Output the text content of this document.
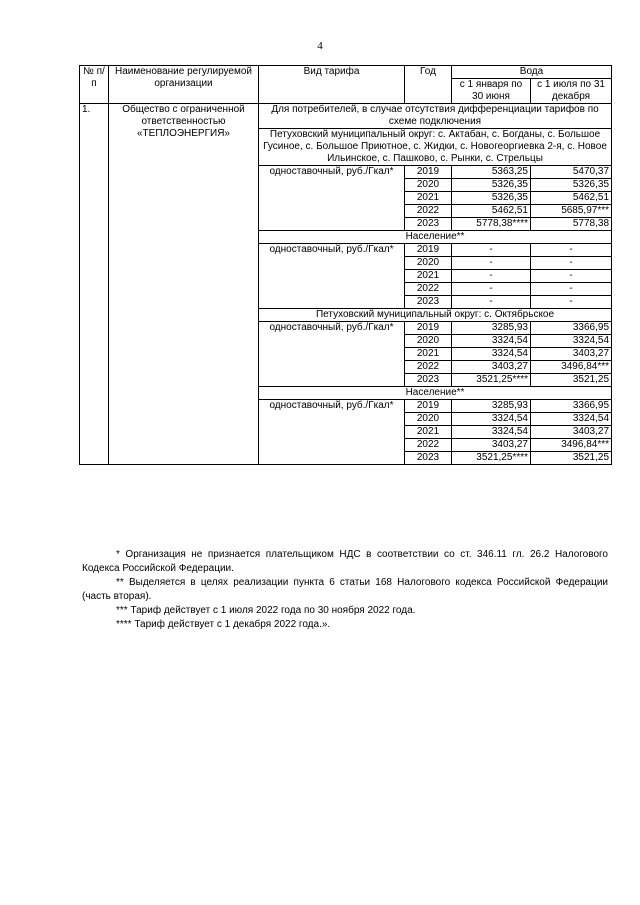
4
№ п/п	Наименование регулируемой организации	Вид тарифа	Год	Вода	
				с 1 января по 30 июня	с 1 июля по 31 декабря
1.	Общество с ограниченной ответственностью «ТЕПЛОЭНЕРГИЯ»	Для потребителей, в случае отсутствия дифференциации тарифов по схеме подключения			
		Петуховский муниципальный округ: с. Актабан, с. Богданы, с. Большое Гусиное, с. Большое Приютное, с. Жидки, с. Новогеоргиевка 2-я, с. Новое Ильинское, с. Пашково, с. Рынки, с. Стрельцы			
		одноставочный, руб./Гкал*	2019	5363,25	5470,37
			2020	5326,35	5326,35
			2021	5326,35	5462,51
			2022	5462,51	5685,97***
			2023	5778,38****	5778,38
		Население**			
		одноставочный, руб./Гкал*	2019	-	-
			2020	-	-
			2021	-	-
			2022	-	-
			2023	-	-
		Петуховский муниципальный округ: с. Октябрьское			
		одноставочный, руб./Гкал*	2019	3285,93	3366,95
			2020	3324,54	3324,54
			2021	3324,54	3403,27
			2022	3403,27	3496,84***
			2023	3521,25****	3521,25
		Население**			
		одноставочный, руб./Гкал*	2019	3285,93	3366,95
			2020	3324,54	3324,54
			2021	3324,54	3403,27
			2022	3403,27	3496,84***
			2023	3521,25****	3521,25

* Организация не признается плательщиком НДС в соответствии со ст. 346.11 гл. 26.2 Налогового Кодекса Российской Федерации.

** Выделяется в целях реализации пункта 6 статьи 168 Налогового кодекса Российской Федерации (часть вторая).

*** Тариф действует с 1 июля 2022 года по 30 ноября 2022 года.

**** Тариф действует с 1 декабря 2022 года.».
